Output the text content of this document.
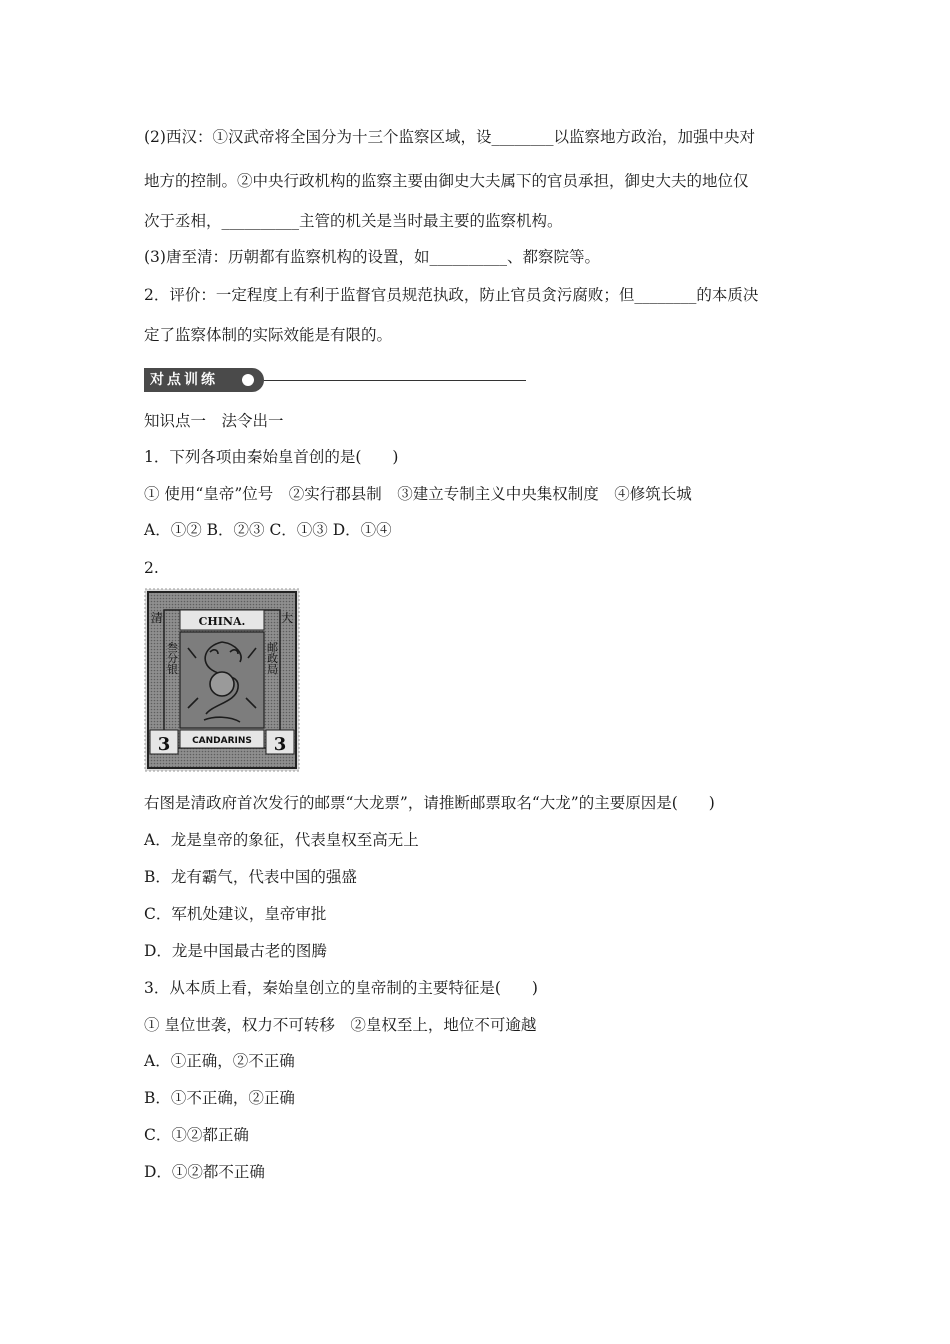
(2)西汉：①汉武帝将全国分为十三个监察区域，设________以监察地方政治，加强中央对
地方的控制。②中央行政机构的监察主要由御史大夫属下的官员承担，御史大夫的地位仅
次于丞相，__________主管的机关是当时最主要的监察机构。
(3)唐至清：历朝都有监察机构的设置，如__________、都察院等。
2．评价：一定程度上有利于监督官员规范执政，防止官员贪污腐败；但________的本质决
定了监察体制的实际效能是有限的。
对点训练
知识点一　法令出一
1．下列各项由秦始皇首创的是(　　)
① 使用“皇帝”位号　②实行郡县制　③建立专制主义中央集权制度　④修筑长城
A．①② B．②③ C．①③ D．①④
2.
CHINA.
CANDARINS
3	3
清	大
叁分银	邮政局
右图是清政府首次发行的邮票“大龙票”，请推断邮票取名“大龙”的主要原因是(　　)
A．龙是皇帝的象征，代表皇权至高无上
B．龙有霸气，代表中国的强盛
C．军机处建议，皇帝审批
D．龙是中国最古老的图腾
3．从本质上看，秦始皇创立的皇帝制的主要特征是(　　)
① 皇位世袭，权力不可转移　②皇权至上，地位不可逾越
A．①正确，②不正确
B．①不正确，②正确
C．①②都正确
D．①②都不正确
